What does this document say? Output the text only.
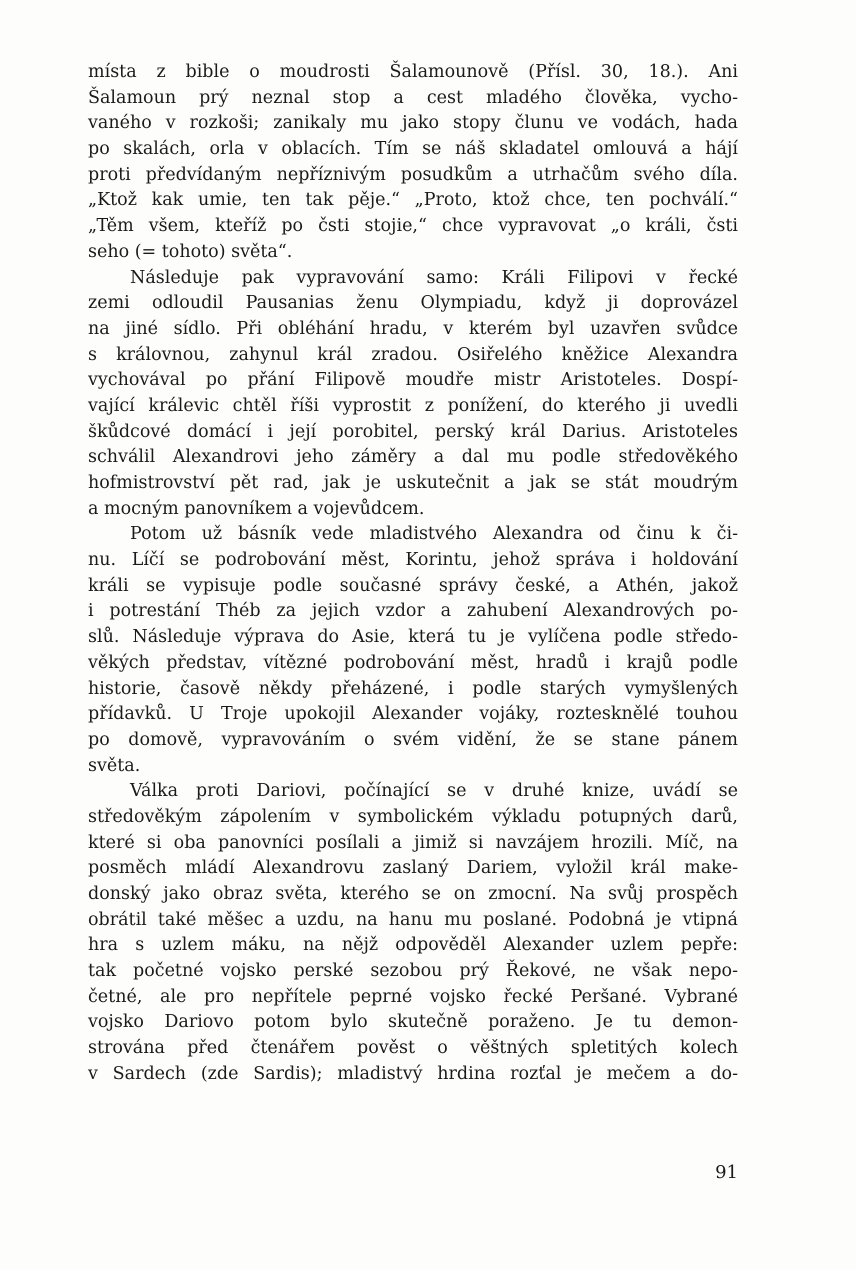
místa z bible o moudrosti Šalamounově (Přísl. 30, 18.). Ani
Šalamoun prý neznal stop a cest mladého člověka, vycho-
vaného v rozkoši; zanikaly mu jako stopy člunu ve vodách, hada
po skalách, orla v oblacích. Tím se náš skladatel omlouvá a hájí
proti předvídaným nepříznivým posudkům a utrhačům svého díla.
„Ktož kak umie, ten tak pěje.“ „Proto, ktož chce, ten pochválí.“
„Těm všem, kteříž po čsti stojie,“ chce vypravovat „o králi, čsti
seho (= tohoto) světa“.
Následuje pak vypravování samo: Králi Filipovi v řecké
zemi odloudil Pausanias ženu Olympiadu, když ji doprovázel
na jiné sídlo. Při obléhání hradu, v kterém byl uzavřen svůdce
s královnou, zahynul král zradou. Osiřelého kněžice Alexandra
vychovával po přání Filipově moudře mistr Aristoteles. Dospí-
vající králevic chtěl říši vyprostit z ponížení, do kterého ji uvedli
škůdcové domácí i její porobitel, perský král Darius. Aristoteles
schválil Alexandrovi jeho záměry a dal mu podle středověkého
hofmistrovství pět rad, jak je uskutečnit a jak se stát moudrým
a mocným panovníkem a vojevůdcem.
Potom už básník vede mladistvého Alexandra od činu k či-
nu. Líčí se podrobování měst, Korintu, jehož správa i holdování
králi se vypisuje podle současné správy české, a Athén, jakož
i potrestání Théb za jejich vzdor a zahubení Alexandrových po-
slů. Následuje výprava do Asie, která tu je vylíčena podle středo-
věkých představ, vítězné podrobování měst, hradů i krajů podle
historie, časově někdy přeházené, i podle starých vymyšlených
přídavků. U Troje upokojil Alexander vojáky, roztesknělé touhou
po domově, vypravováním o svém vidění, že se stane pánem
světa.
Válka proti Dariovi, počínající se v druhé knize, uvádí se
středověkým zápolením v symbolickém výkladu potupných darů,
které si oba panovníci posílali a jimiž si navzájem hrozili. Míč, na
posměch mládí Alexandrovu zaslaný Dariem, vyložil král make-
donský jako obraz světa, kterého se on zmocní. Na svůj prospěch
obrátil také měšec a uzdu, na hanu mu poslané. Podobná je vtipná
hra s uzlem máku, na nějž odpověděl Alexander uzlem pepře:
tak početné vojsko perské sezobou prý Řekové, ne však nepo-
četné, ale pro nepřítele peprné vojsko řecké Peršané. Vybrané
vojsko Dariovo potom bylo skutečně poraženo. Je tu demon-
strována před čtenářem pověst o věštných spletitých kolech
v Sardech (zde Sardis); mladistvý hrdina rozťal je mečem a do-
91
